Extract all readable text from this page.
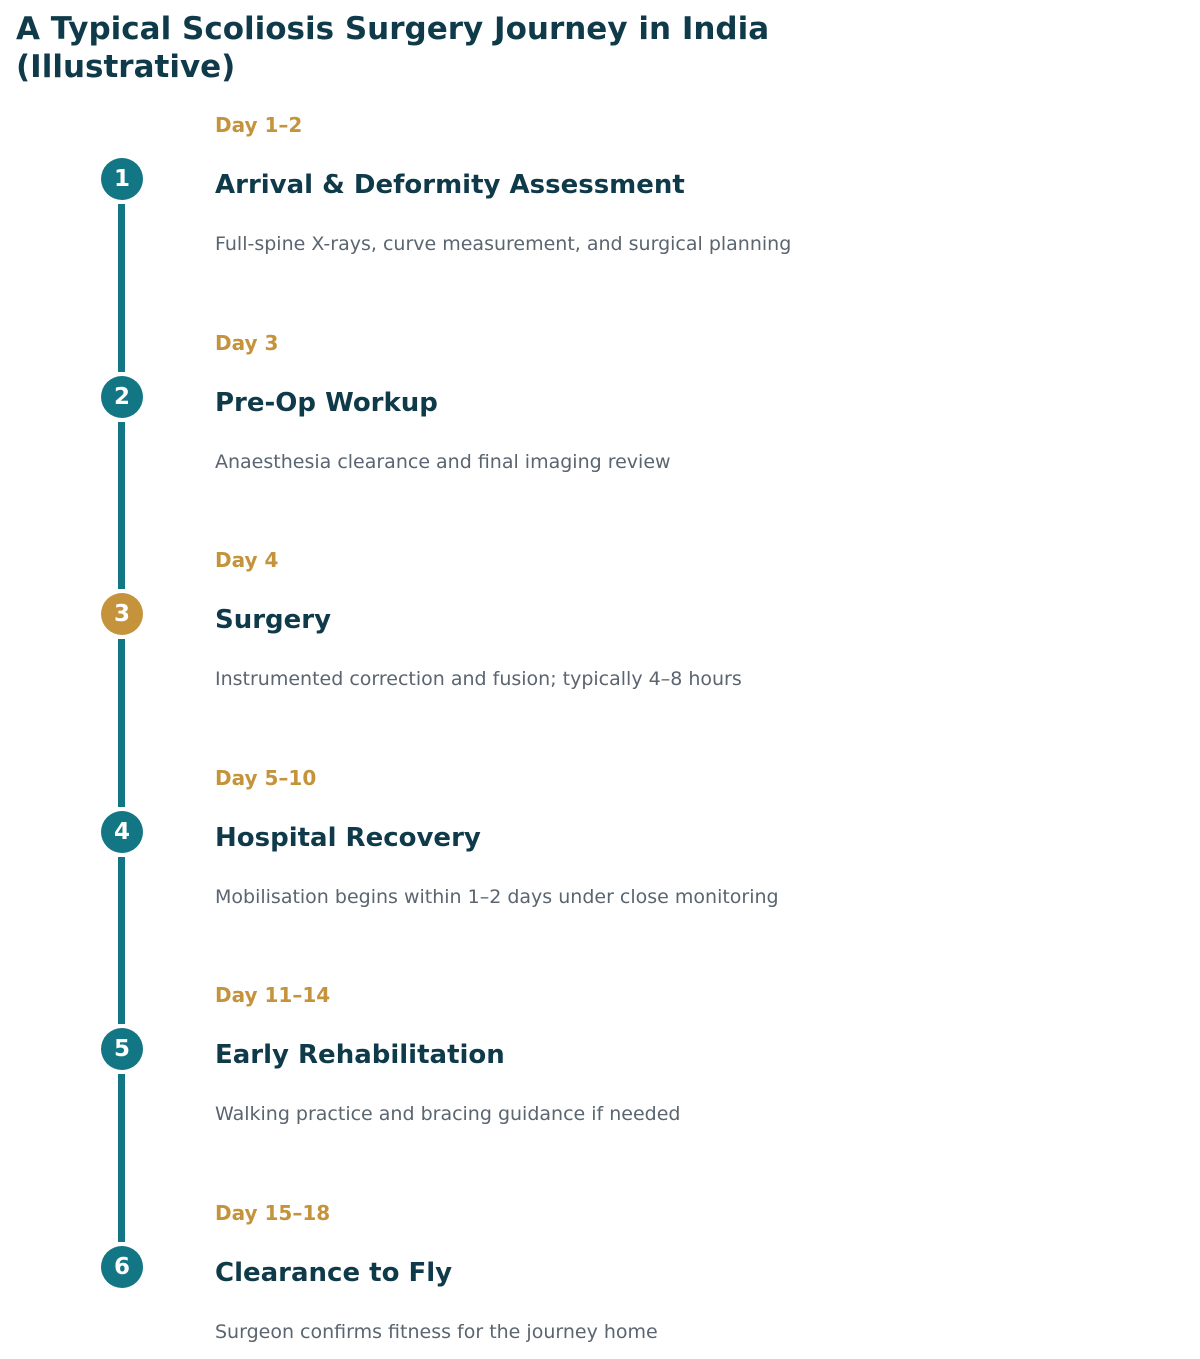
A Typical Scoliosis Surgery Journey in India (Illustrative)
1
Day 1–2
Arrival & Deformity Assessment
Full-spine X-rays, curve measurement, and surgical planning
2
Day 3
Pre-Op Workup
Anaesthesia clearance and final imaging review
3
Day 4
Surgery
Instrumented correction and fusion; typically 4–8 hours
4
Day 5–10
Hospital Recovery
Mobilisation begins within 1–2 days under close monitoring
5
Day 11–14
Early Rehabilitation
Walking practice and bracing guidance if needed
6
Day 15–18
Clearance to Fly
Surgeon confirms fitness for the journey home
